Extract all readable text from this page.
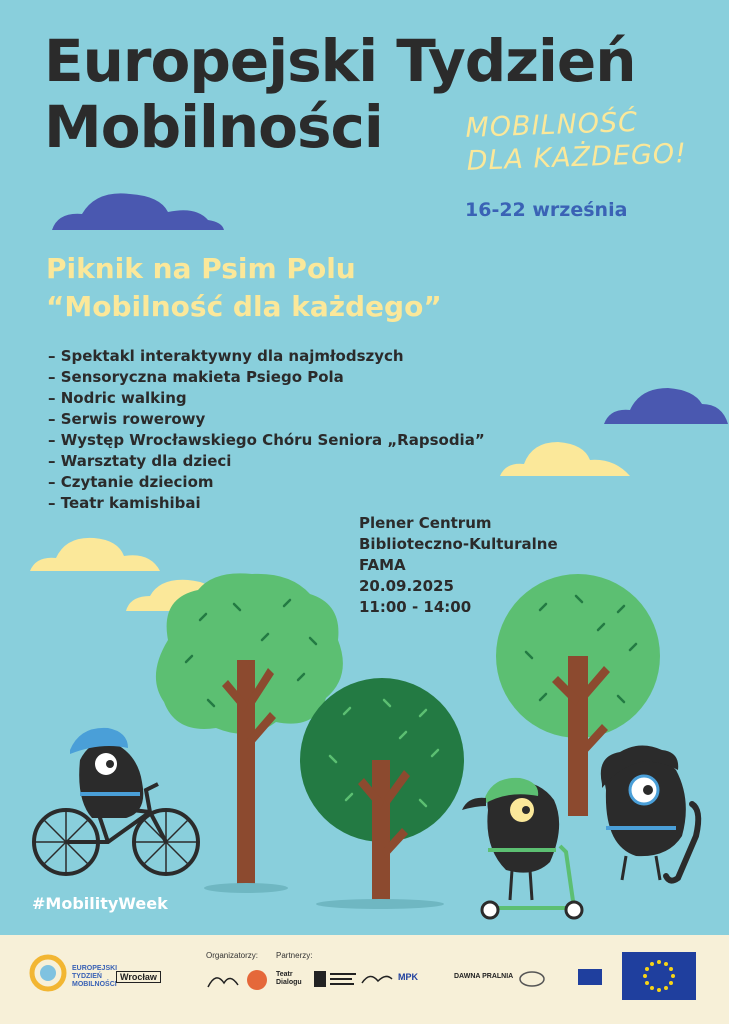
Europejski Tydzień
Mobilności	MOBILNOŚĆ
DLA KAŻDEGO!
16-22 września
Piknik na Psim Polu
“Mobilność dla każdego”
– Spektakl interaktywny dla najmłodszych
– Sensoryczna makieta Psiego Pola
– Nodric walking
– Serwis rowerowy
– Występ Wrocławskiego Chóru Seniora „Rapsodia”
– Warsztaty dla dzieci
– Czytanie dzieciom
– Teatr kamishibai
Plener Centrum
Biblioteczno-Kulturalne
FAMA
20.09.2025
11:00 - 14:00
#MobilityWeek
EUROPEJSKI
TYDZIEŃ
MOBILNOŚCI
Wrocław
Organizatorzy: Partnerzy:
Teatr
Dialogu
MPK	DAWNA PRALNIA
